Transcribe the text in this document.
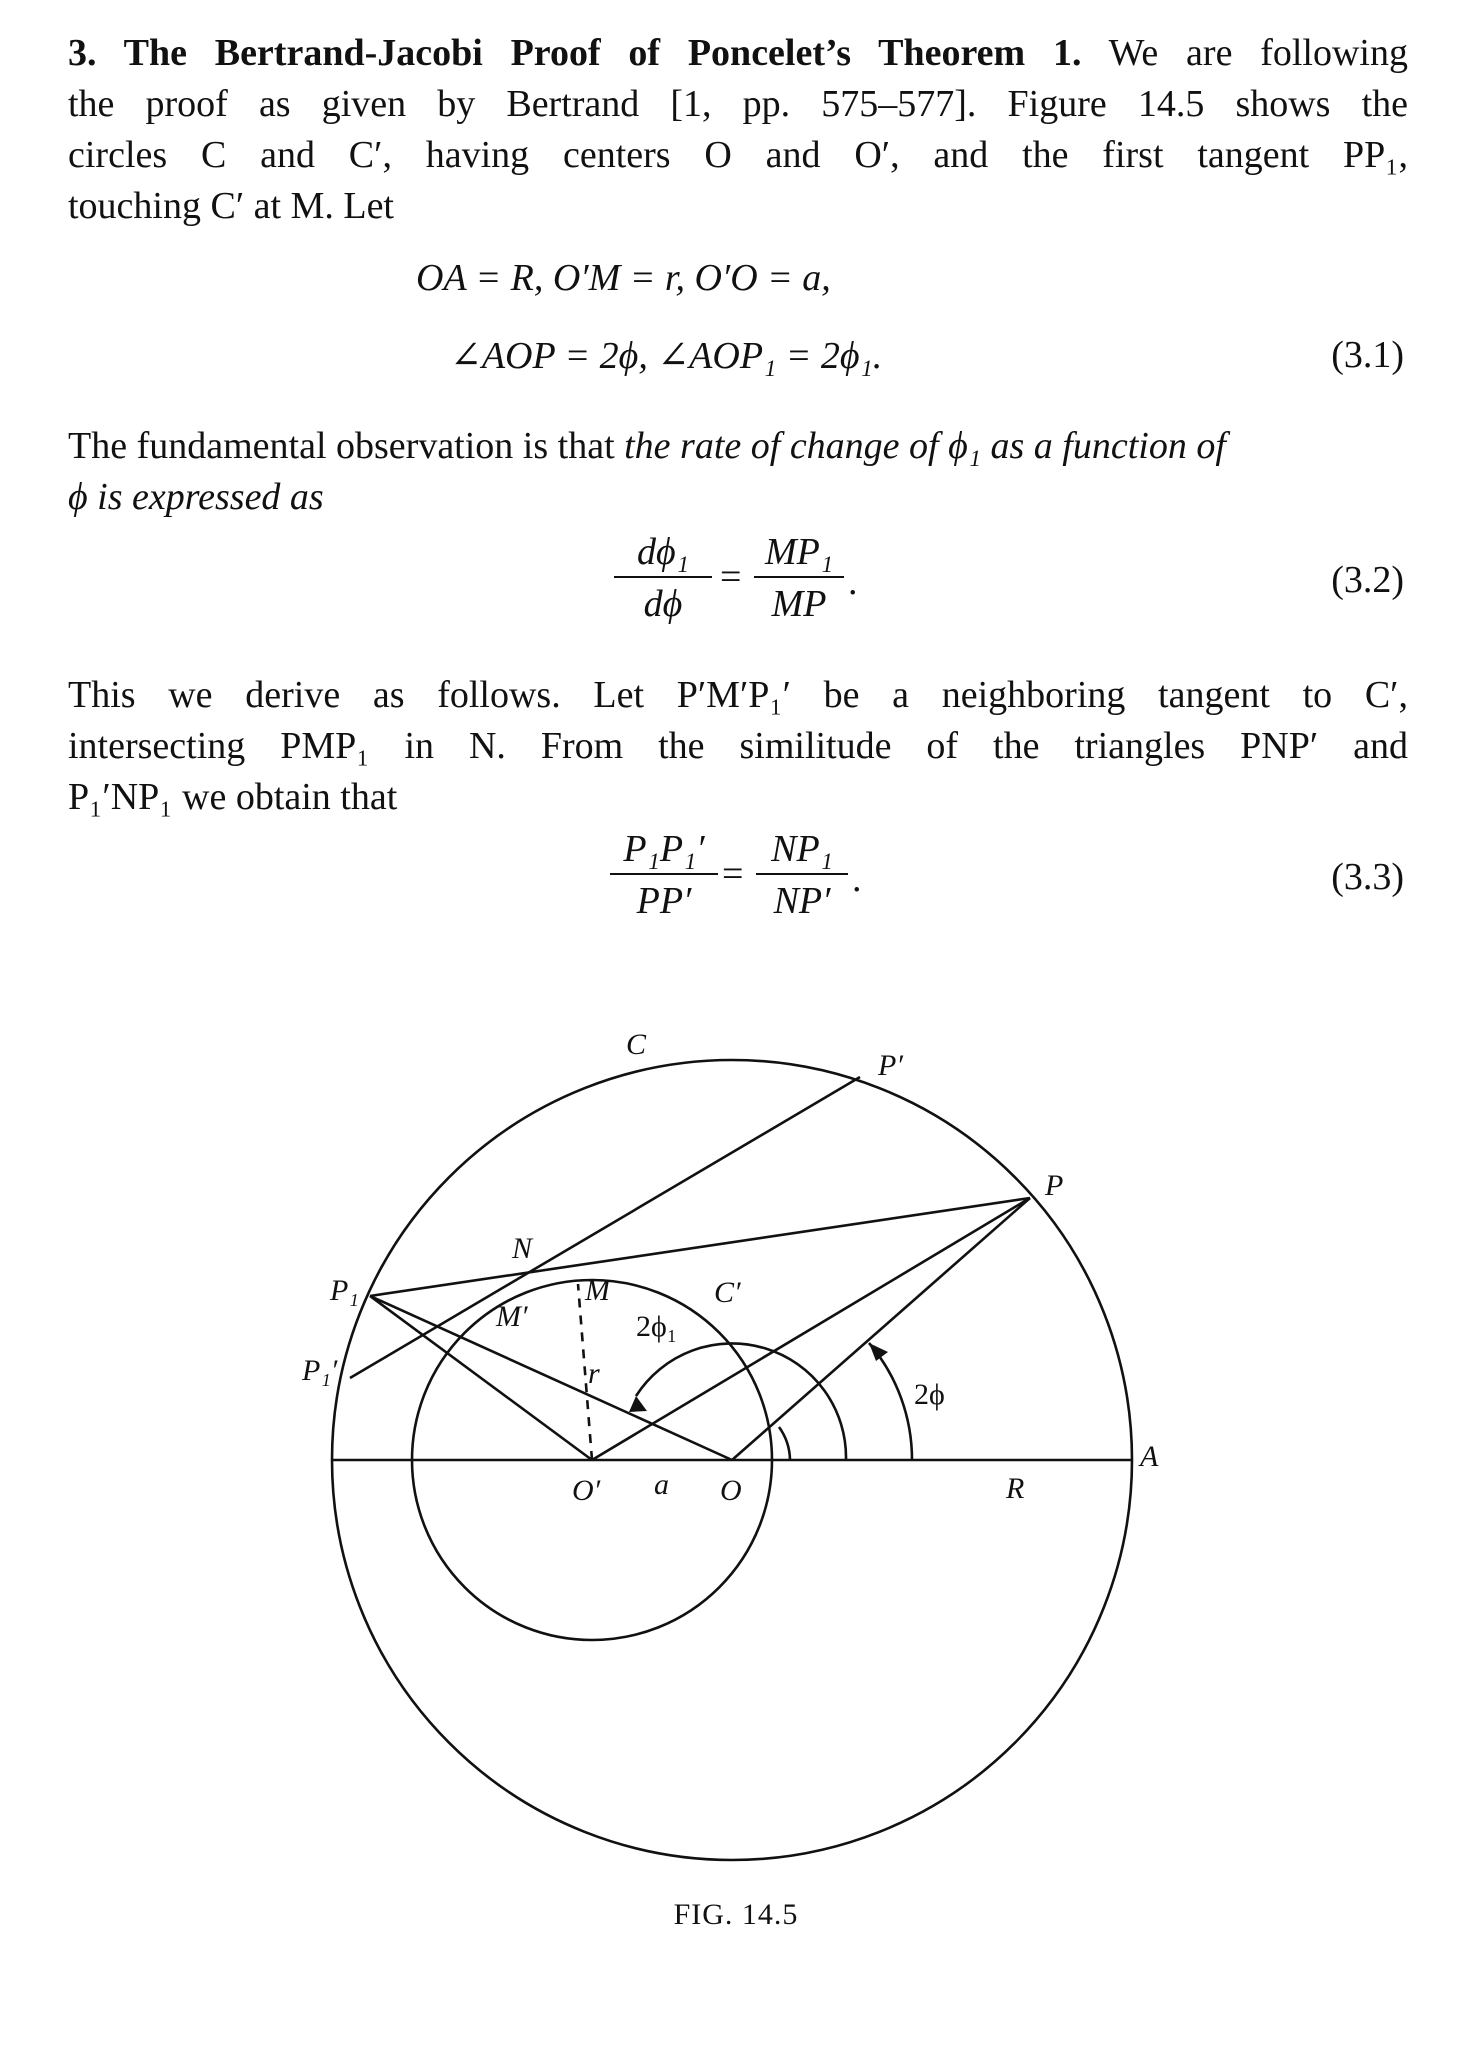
3. The Bertrand-Jacobi Proof of Poncelet’s Theorem 1. We are following
the proof as given by Bertrand [1, pp. 575–577]. Figure 14.5 shows the
circles C and C′, having centers O and O′, and the first tangent PP₁,
touching C′ at M. Let
OA = R, O′M = r, O′O = a,
∠AOP = 2ϕ, ∠AOP₁ = 2ϕ₁.	(3.1)
The fundamental observation is that the rate of change of ϕ₁ as a function of
ϕ is expressed as
dϕ₁
dϕ
=
MP₁
MP
.	(3.2)
This we derive as follows. Let P′M′P₁′ be a neighboring tangent to C′,
intersecting PMP₁ in N. From the similitude of the triangles PNP′ and
P₁′NP₁ we obtain that
P₁P₁′
PP′
=
NP₁
NP′
.	(3.3)
C
P′
P
N
P₁	M
M′
C′
2ϕ₁
P₁′	r
2ϕ
A
O′ a O	R
FIG. 14.5
